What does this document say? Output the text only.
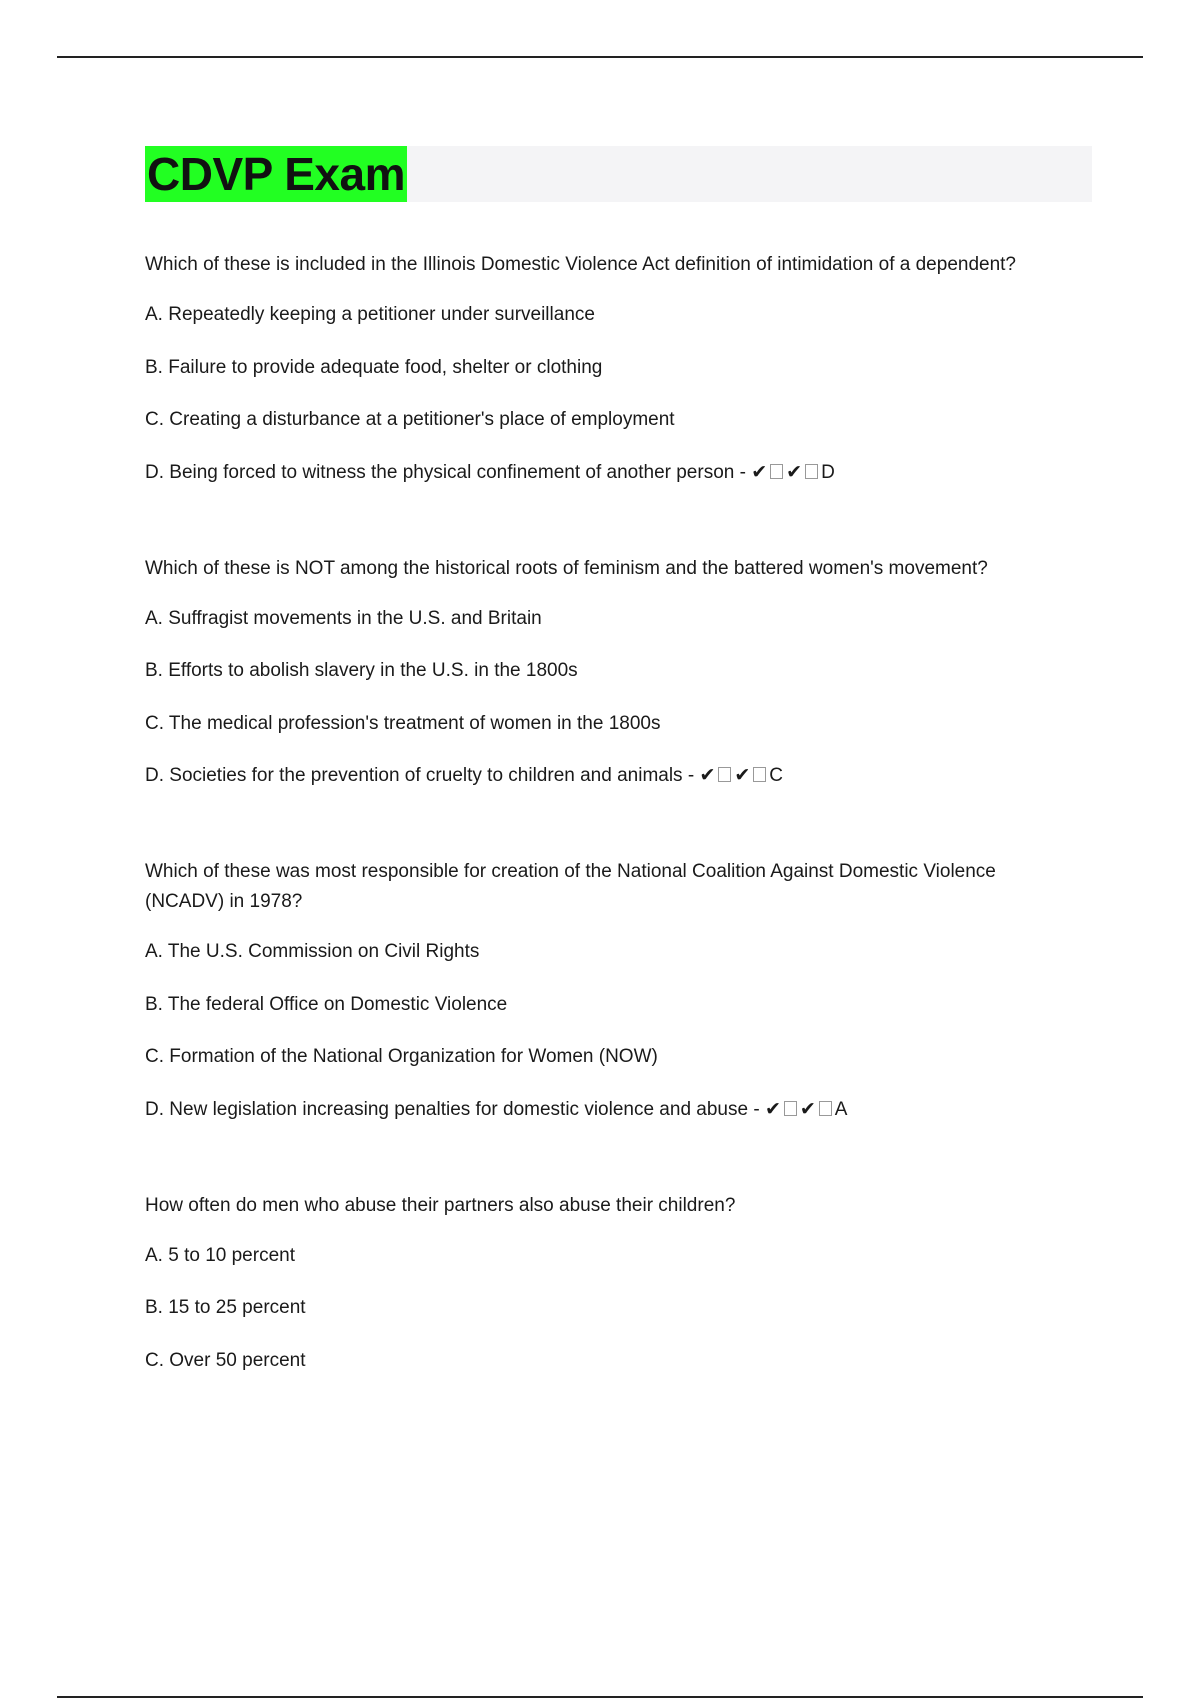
CDVP Exam

Which of these is included in the Illinois Domestic Violence Act definition of intimidation of a dependent?

A. Repeatedly keeping a petitioner under surveillance

B. Failure to provide adequate food, shelter or clothing

C. Creating a disturbance at a petitioner's place of employment

D. Being forced to witness the physical confinement of another person - ✔ ✔ D

Which of these is NOT among the historical roots of feminism and the battered women's movement?

A. Suffragist movements in the U.S. and Britain

B. Efforts to abolish slavery in the U.S. in the 1800s

C. The medical profession's treatment of women in the 1800s

D. Societies for the prevention of cruelty to children and animals - ✔ ✔ C

Which of these was most responsible for creation of the National Coalition Against Domestic Violence (NCADV) in 1978?

A. The U.S. Commission on Civil Rights

B. The federal Office on Domestic Violence

C. Formation of the National Organization for Women (NOW)

D. New legislation increasing penalties for domestic violence and abuse - ✔ ✔ A

How often do men who abuse their partners also abuse their children?

A. 5 to 10 percent

B. 15 to 25 percent

C. Over 50 percent
